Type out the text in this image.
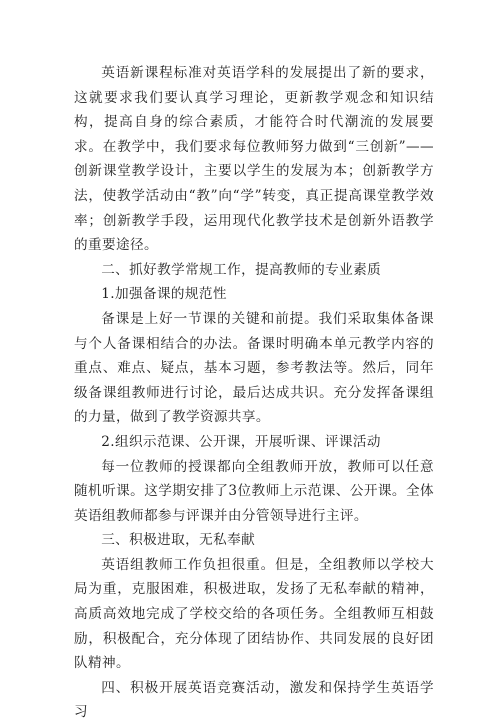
英语新课程标准对英语学科的发展提出了新的要求，这就要求我们要认真学习理论，更新教学观念和知识结构，提高自身的综合素质，才能符合时代潮流的发展要求。在教学中，我们要求每位教师努力做到“三创新”——创新课堂教学设计，主要以学生的发展为本；创新教学方法，使教学活动由“教”向“学”转变，真正提高课堂教学效率；创新教学手段，运用现代化教学技术是创新外语教学的重要途径。

二、抓好教学常规工作，提高教师的专业素质

1.加强备课的规范性

备课是上好一节课的关键和前提。我们采取集体备课与个人备课相结合的办法。备课时明确本单元教学内容的重点、难点、疑点，基本习题，参考教法等。然后，同年级备课组教师进行讨论，最后达成共识。充分发挥备课组的力量，做到了教学资源共享。

2.组织示范课、公开课，开展听课、评课活动

每一位教师的授课都向全组教师开放，教师可以任意随机听课。这学期安排了3位教师上示范课、公开课。全体英语组教师都参与评课并由分管领导进行主评。

三、积极进取，无私奉献

英语组教师工作负担很重。但是，全组教师以学校大局为重，克服困难，积极进取，发扬了无私奉献的精神，高质高效地完成了学校交给的各项任务。全组教师互相鼓励，积极配合，充分体现了团结协作、共同发展的良好团队精神。

四、积极开展英语竞赛活动，激发和保持学生英语学习
